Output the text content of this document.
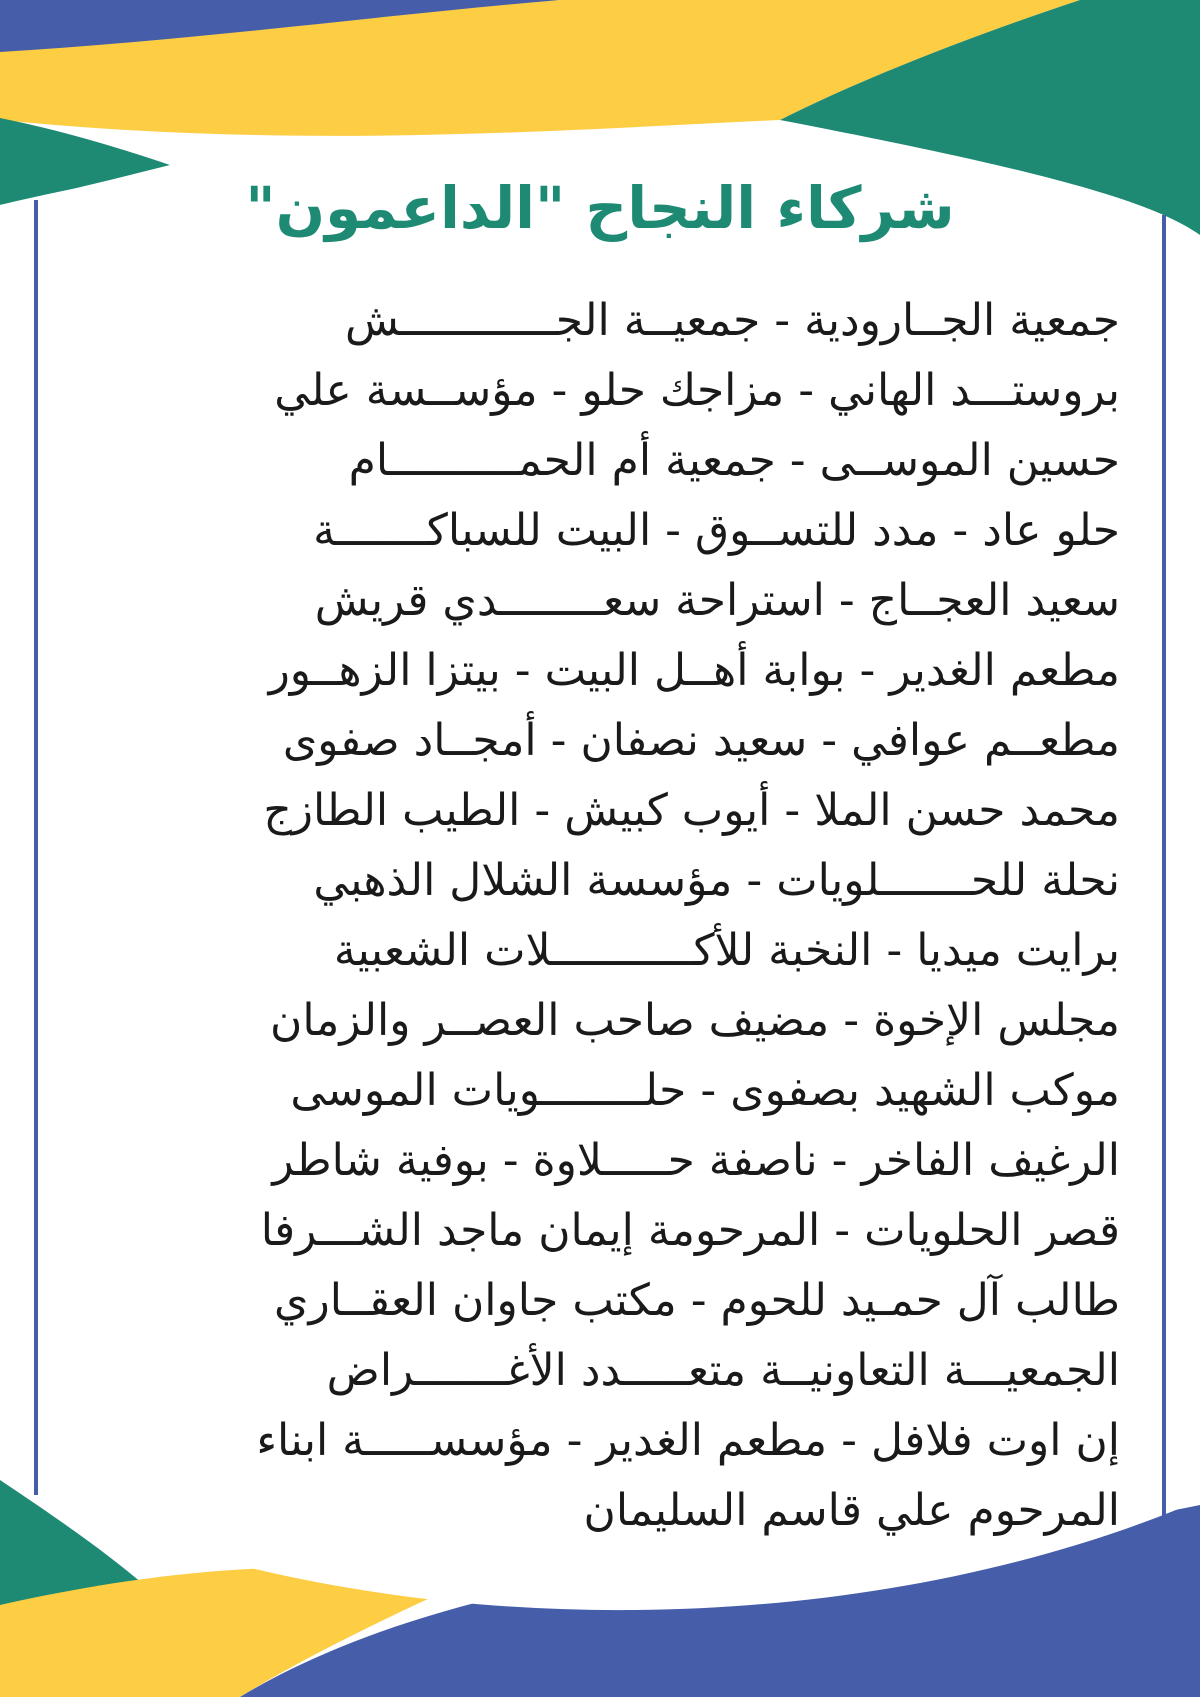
شركاء النجاح "الداعمون"
جمعية الجــارودية - جمعيــة الجــــــــــــش
بروستـــد الهاني - مزاجك حلو - مؤســسة علي
حسين الموســى - جمعية أم الحمــــــــــام
حلو عاد - مدد للتســوق - البيت للسباكـــــــة
سعيد العجــاج - استراحة سعــــــــدي قريش
مطعم الغدير - بوابة أهــل البيت - بيتزا الزهــور
مطعــم عوافي - سعيد نصفان - أمجــاد صفوى
محمد حسن الملا - أيوب كبيش - الطيب الطازج
نحلة للحـــــــلويات - مؤسسة الشلال الذهبي
برايت ميديا - النخبة للأكـــــــــــلات الشعبية
مجلس الإخوة - مضيف صاحب العصــر والزمان
موكب الشهيد بصفوى - حلــــــــويات الموسى
الرغيف الفاخر - ناصفة حـــــلاوة - بوفية شاطر
قصر الحلويات - المرحومة إيمان ماجد الشـــرفا
طالب آل حمـيد للحوم - مكتب جاوان العقــاري
الجمعيـــة التعاونيــة متعـــــدد الأغـــــــراض
إن اوت فلافل - مطعم الغدير - مؤسســـــة ابناء
المرحوم علي قاسم السليمان
